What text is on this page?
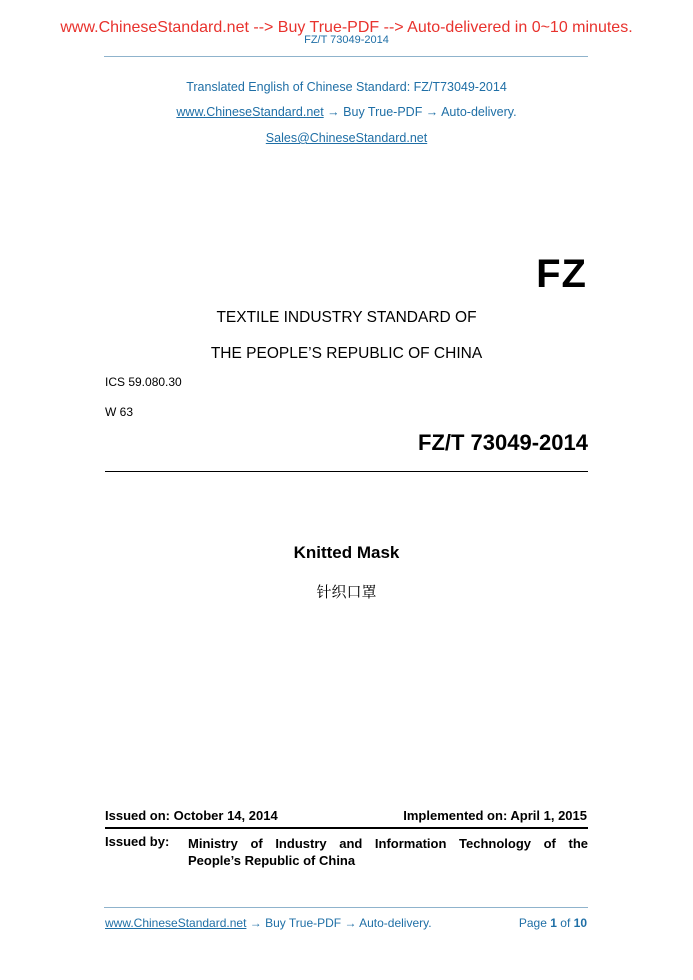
www.ChineseStandard.net --> Buy True-PDF --> Auto-delivered in 0~10 minutes.
FZ/T 73049-2014
Translated English of Chinese Standard: FZ/T73049-2014
www.ChineseStandard.net → Buy True-PDF → Auto-delivery.
Sales@ChineseStandard.net
FZ
TEXTILE INDUSTRY STANDARD OF
THE PEOPLE’S REPUBLIC OF CHINA
ICS 59.080.30
W 63
FZ/T 73049-2014
Knitted Mask
针织口罩
Issued on: October 14, 2014	Implemented on: April 1, 2015
Issued by: Ministry of Industry and Information Technology of the
People’s Republic of China
www.ChineseStandard.net → Buy True-PDF → Auto-delivery.	Page 1 of 10
